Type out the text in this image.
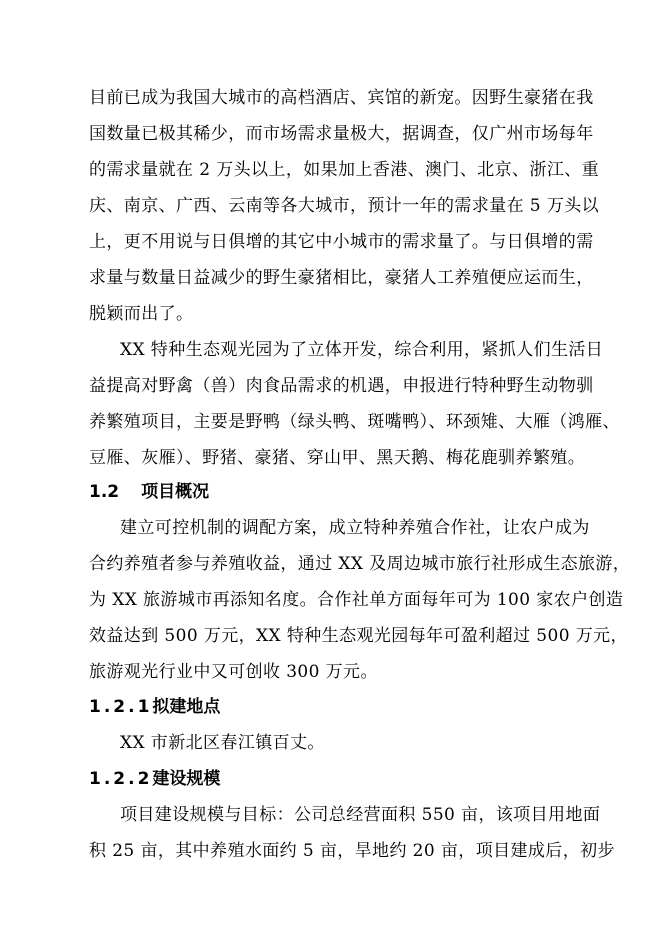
目前已成为我国大城市的高档酒店、宾馆的新宠。因野生豪猪在我
国数量已极其稀少，而市场需求量极大，据调查，仅广州市场每年
的需求量就在 2 万头以上，如果加上香港、澳门、北京、浙江、重
庆、南京、广西、云南等各大城市，预计一年的需求量在 5 万头以
上，更不用说与日俱增的其它中小城市的需求量了。与日俱增的需
求量与数量日益减少的野生豪猪相比，豪猪人工养殖便应运而生，
脱颖而出了。
XX 特种生态观光园为了立体开发，综合利用，紧抓人们生活日
益提高对野禽（兽）肉食品需求的机遇，申报进行特种野生动物驯
养繁殖项目，主要是野鸭（绿头鸭、斑嘴鸭）、环颈雉、大雁（鸿雁、
豆雁、灰雁）、野猪、豪猪、穿山甲、黑天鹅、梅花鹿驯养繁殖。
1.2 项目概况
建立可控机制的调配方案，成立特种养殖合作社，让农户成为
合约养殖者参与养殖收益，通过 XX 及周边城市旅行社形成生态旅游，
为 XX 旅游城市再添知名度。合作社单方面每年可为 100 家农户创造
效益达到 500 万元，XX 特种生态观光园每年可盈利超过 500 万元，
旅游观光行业中又可创收 300 万元。
1.2.1拟建地点
XX 市新北区春江镇百丈。
1.2.2建设规模
项目建设规模与目标：公司总经营面积 550 亩，该项目用地面
积 25 亩，其中养殖水面约 5 亩，旱地约 20 亩，项目建成后，初步
